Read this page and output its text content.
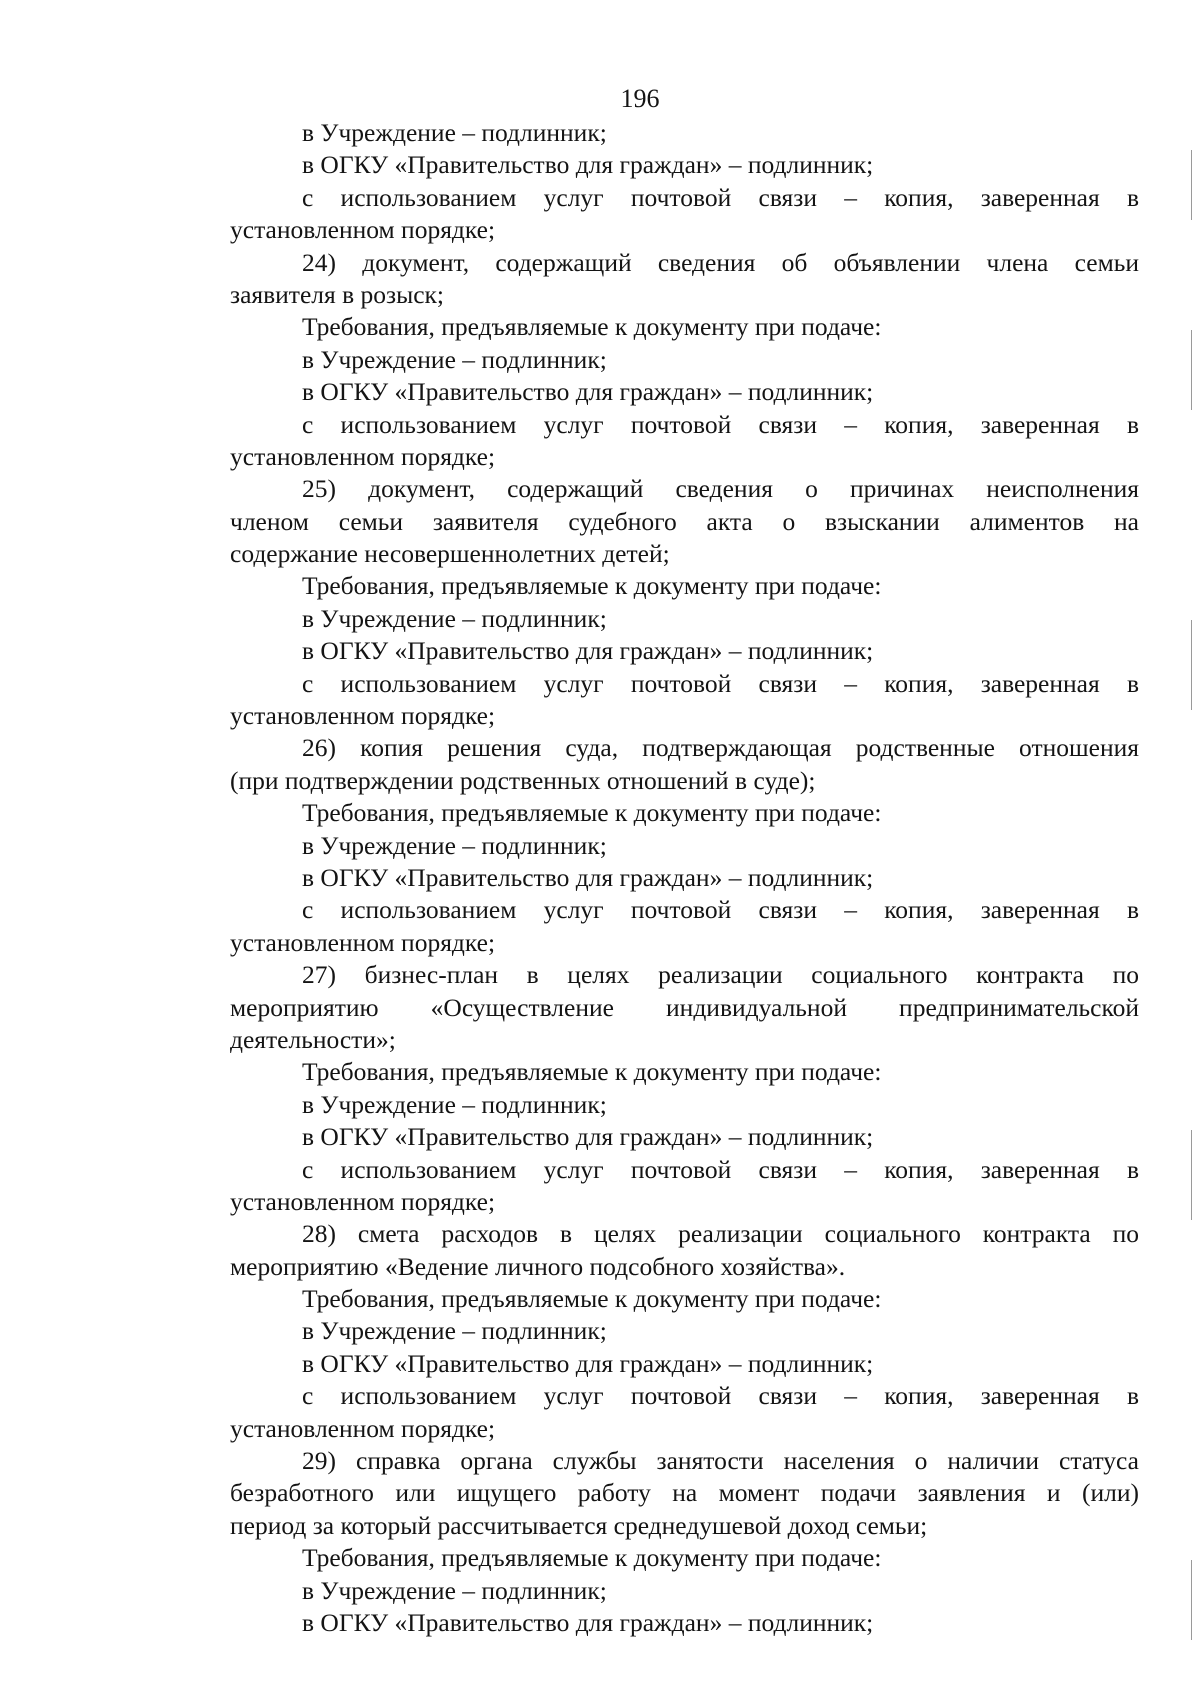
196
в Учреждение – подлинник;
в ОГКУ «Правительство для граждан» – подлинник;
с использованием услуг почтовой связи – копия, заверенная в
установленном порядке;
24) документ, содержащий сведения об объявлении члена семьи
заявителя в розыск;
Требования, предъявляемые к документу при подаче:
в Учреждение – подлинник;
в ОГКУ «Правительство для граждан» – подлинник;
с использованием услуг почтовой связи – копия, заверенная в
установленном порядке;
25) документ, содержащий сведения о причинах неисполнения
членом семьи заявителя судебного акта о взыскании алиментов на
содержание несовершеннолетних детей;
Требования, предъявляемые к документу при подаче:
в Учреждение – подлинник;
в ОГКУ «Правительство для граждан» – подлинник;
с использованием услуг почтовой связи – копия, заверенная в
установленном порядке;
26) копия решения суда, подтверждающая родственные отношения
(при подтверждении родственных отношений в суде);
Требования, предъявляемые к документу при подаче:
в Учреждение – подлинник;
в ОГКУ «Правительство для граждан» – подлинник;
с использованием услуг почтовой связи – копия, заверенная в
установленном порядке;
27) бизнес-план в целях реализации социального контракта по
мероприятию «Осуществление индивидуальной предпринимательской
деятельности»;
Требования, предъявляемые к документу при подаче:
в Учреждение – подлинник;
в ОГКУ «Правительство для граждан» – подлинник;
с использованием услуг почтовой связи – копия, заверенная в
установленном порядке;
28) смета расходов в целях реализации социального контракта по
мероприятию «Ведение личного подсобного хозяйства».
Требования, предъявляемые к документу при подаче:
в Учреждение – подлинник;
в ОГКУ «Правительство для граждан» – подлинник;
с использованием услуг почтовой связи – копия, заверенная в
установленном порядке;
29) справка органа службы занятости населения о наличии статуса
безработного или ищущего работу на момент подачи заявления и (или)
период за который рассчитывается среднедушевой доход семьи;
Требования, предъявляемые к документу при подаче:
в Учреждение – подлинник;
в ОГКУ «Правительство для граждан» – подлинник;
